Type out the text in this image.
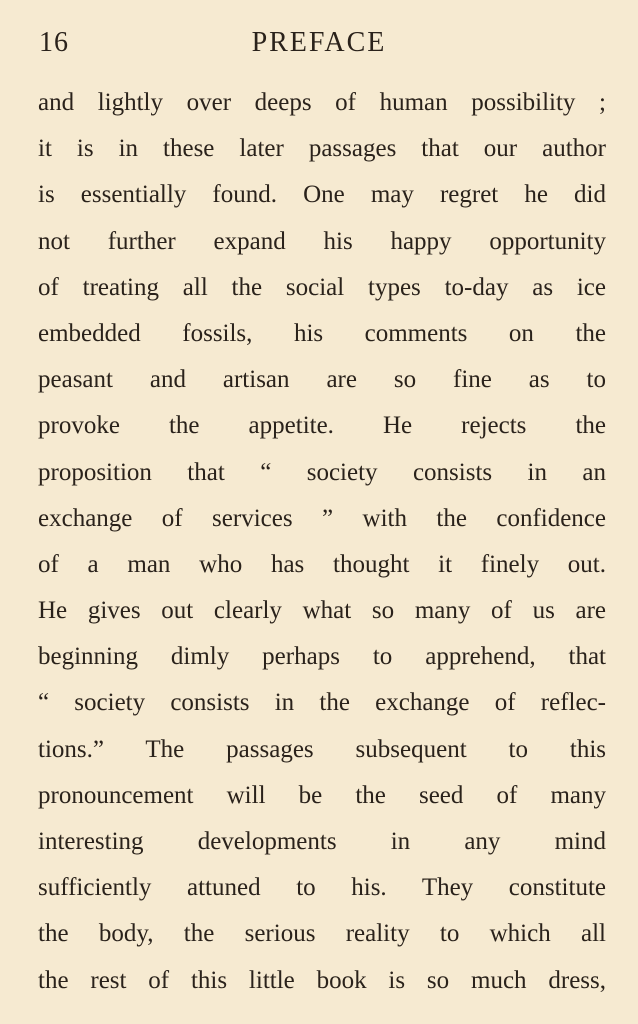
16	PREFACE
and lightly over deeps of human possibility ;
it is in these later passages that our author
is essentially found. One may regret he did
not further expand his happy opportunity
of treating all the social types to-day as ice
embedded fossils, his comments on the
peasant and artisan are so fine as to
provoke the appetite. He rejects the
proposition that “ society consists in an
exchange of services ” with the confidence
of a man who has thought it finely out.
He gives out clearly what so many of us are
beginning dimly perhaps to apprehend, that
“ society consists in the exchange of reflec-
tions.” The passages subsequent to this
pronouncement will be the seed of many
interesting developments in any mind
sufficiently attuned to his. They constitute
the body, the serious reality to which all
the rest of this little book is so much dress,
